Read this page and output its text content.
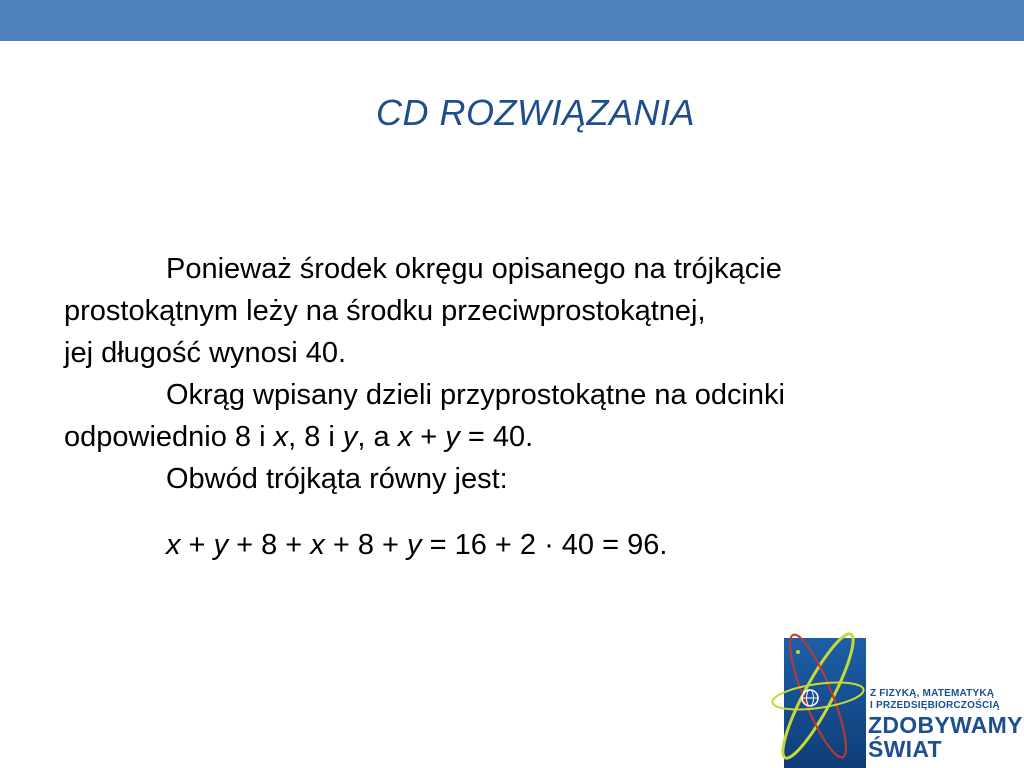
CD ROZWIĄZANIA
Ponieważ środek okręgu opisanego na trójkącie
prostokątnym leży na środku przeciwprostokątnej,
jej długość wynosi 40.
Okrąg wpisany dzieli przyprostokątne na odcinki
odpowiednio 8 i x, 8 i y, a x + y = 40.
Obwód trójkąta równy jest:
x + y + 8 + x + 8 + y = 16 + 2 · 40 = 96.
Z FIZYKĄ, MATEMATYKĄ
I PRZEDSIĘBIORCZOŚCIĄ
ZDOBYWAMY
ŚWIAT
